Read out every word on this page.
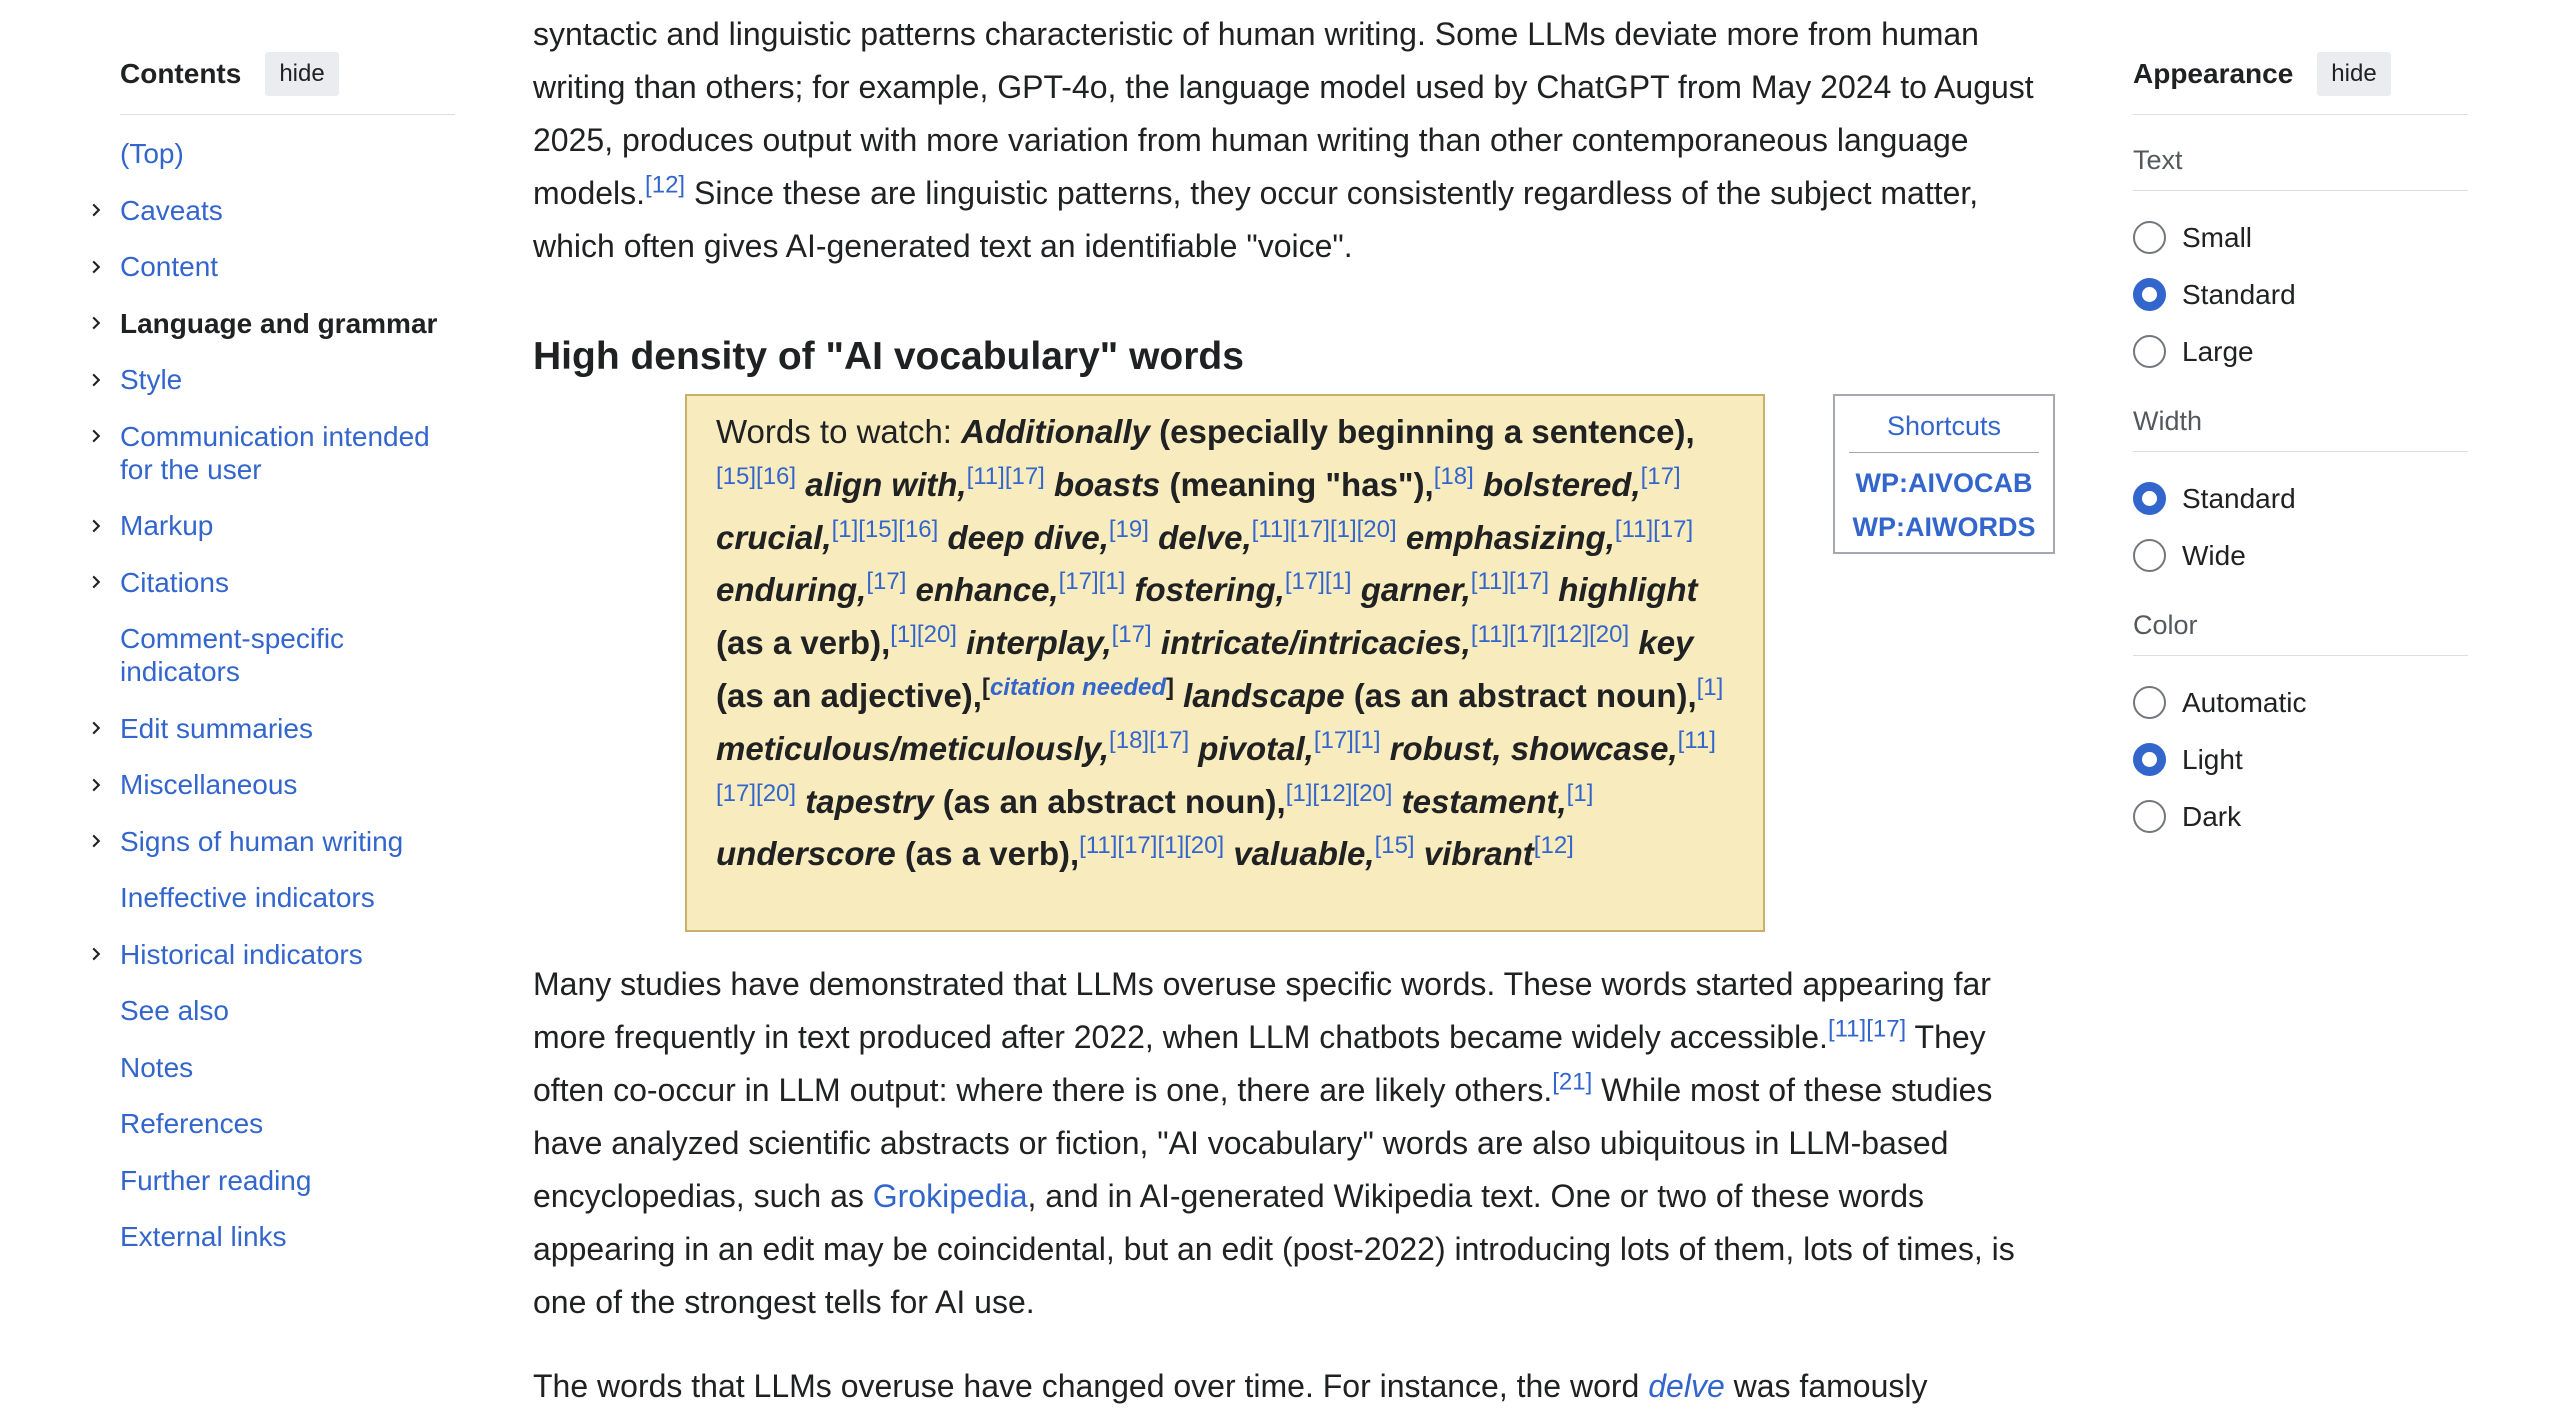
Contents	hide
(Top)
Caveats
Content
Language and grammar
Style
Communication intended for the user
Markup
Citations
Comment-specific indicators
Edit summaries
Miscellaneous
Signs of human writing
Ineffective indicators
Historical indicators
See also
Notes
References
Further reading
External links

syntactic and linguistic patterns characteristic of human writing. Some LLMs deviate more from human writing than others; for example, GPT-4o, the language model used by ChatGPT from May 2024 to August 2025, produces output with more variation from human writing than other contemporaneous language models.[12] Since these are linguistic patterns, they occur consistently regardless of the subject matter, which often gives AI-generated text an identifiable "voice".

High density of "AI vocabulary" words
Words to watch: Additionally (especially beginning a sentence),[15][16] align with,[11][17] boasts (meaning "has"),[18] bolstered,[17] crucial,[1][15][16] deep dive,[19] delve,[11][17][1][20] emphasizing,[11][17] enduring,[17] enhance,[17][1] fostering,[17][1] garner,[11][17] highlight (as a verb),[1][20] interplay,[17] intricate/intricacies,[11][17][12][20] key (as an adjective),[citation needed] landscape (as an abstract noun),[1] meticulous/meticulously,[18][17] pivotal,[17][1] robust, showcase,[11][17][20] tapestry (as an abstract noun),[1][12][20] testament,[1] underscore (as a verb),[11][17][1][20] valuable,[15] vibrant[12]
Shortcuts
WP:AIVOCAB
WP:AIWORDS

Many studies have demonstrated that LLMs overuse specific words. These words started appearing far more frequently in text produced after 2022, when LLM chatbots became widely accessible.[11][17] They often co-occur in LLM output: where there is one, there are likely others.[21] While most of these studies have analyzed scientific abstracts or fiction, "AI vocabulary" words are also ubiquitous in LLM-based encyclopedias, such as Grokipedia, and in AI-generated Wikipedia text. One or two of these words appearing in an edit may be coincidental, but an edit (post-2022) introducing lots of them, lots of times, is one of the strongest tells for AI use.

The words that LLMs overuse have changed over time. For instance, the word delve was famously

Appearance	hide
Text
Small
Standard
Large
Width
Standard
Wide
Color
Automatic
Light
Dark
